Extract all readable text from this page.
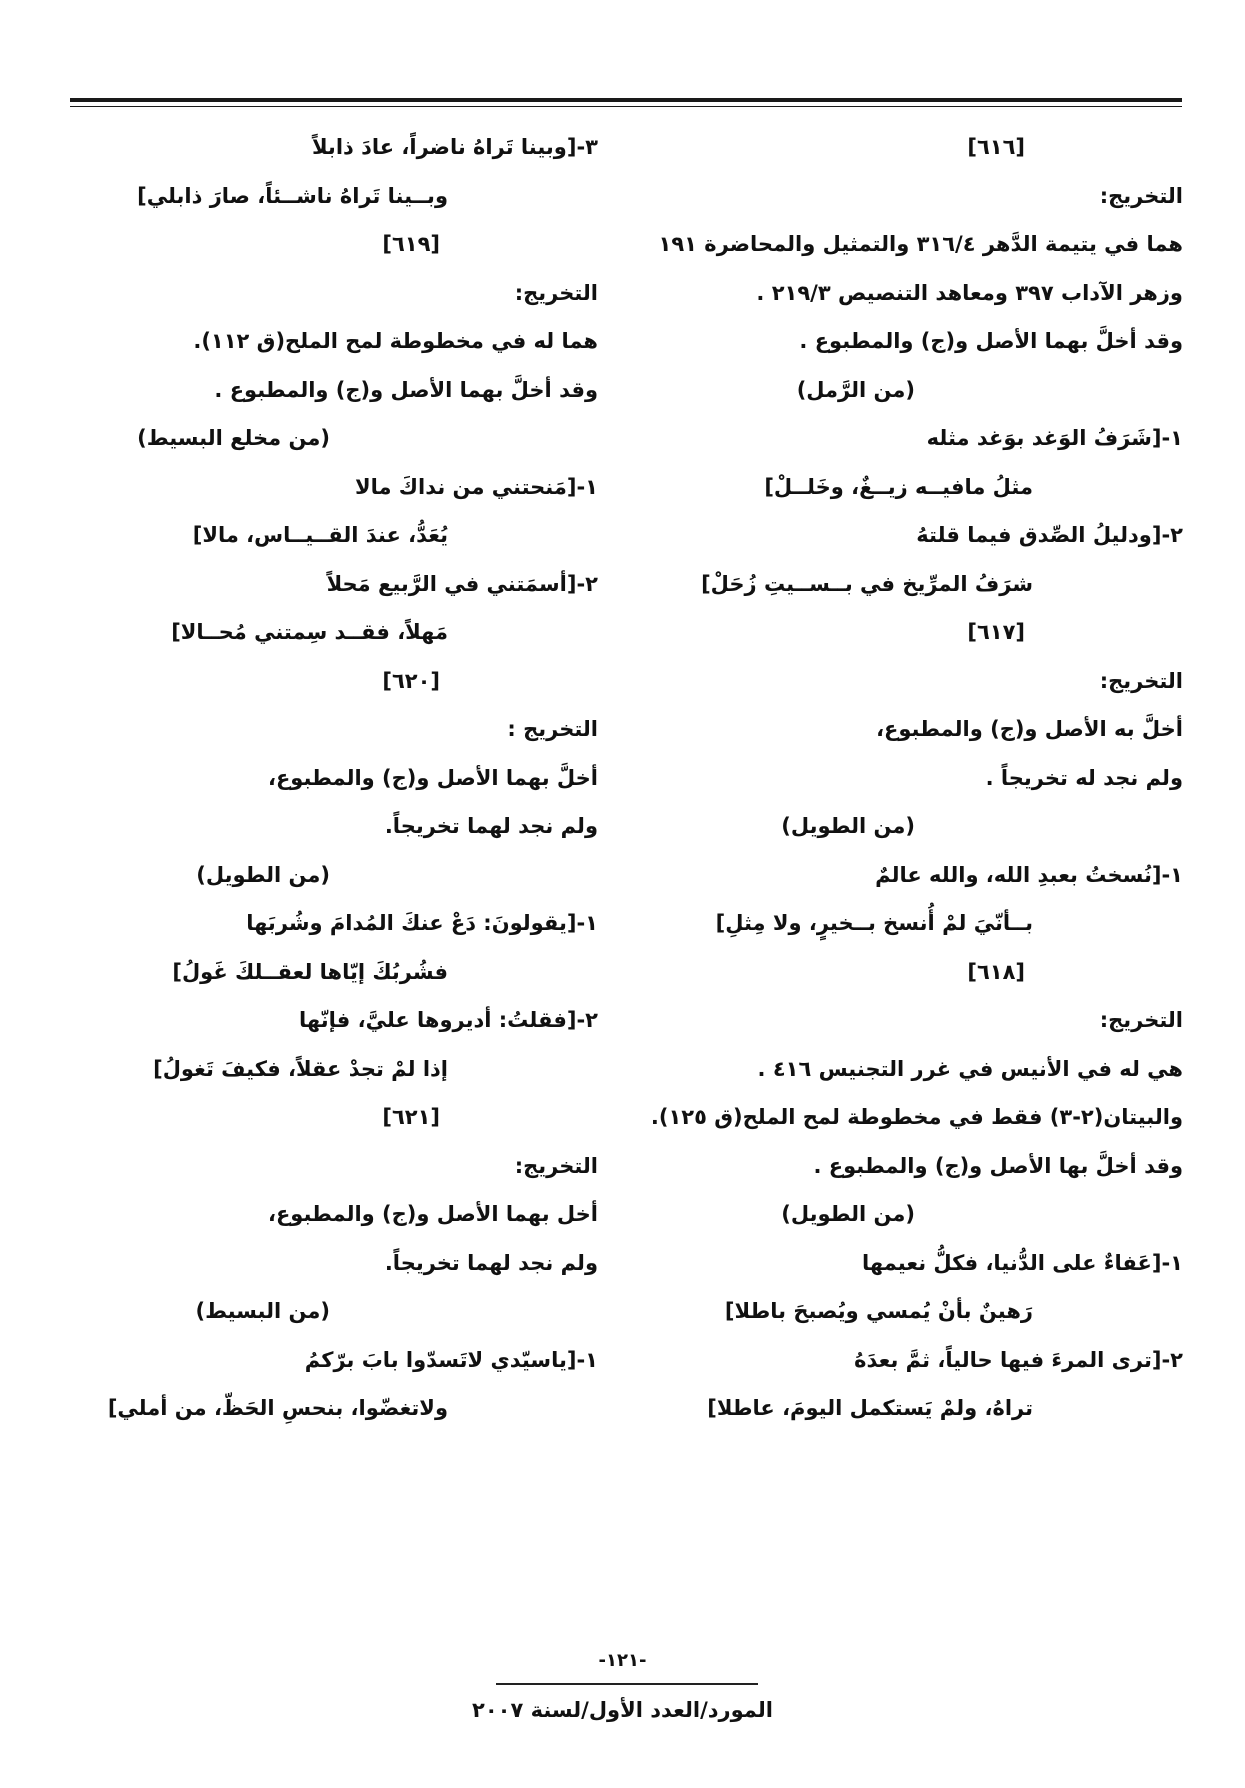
[٦١٦]
التخريج:
هما في يتيمة الدَّهر ٣١٦/٤ والتمثيل والمحاضرة ١٩١
وزهر الآداب ٣٩٧ ومعاهد التنصيص ٢١٩/٣ .
وقد أخلَّ بهما الأصل و(ج) والمطبوع .
(من الرَّمل)
١-[شَرَفُ الوَغد بوَغد مثله
مثلُ مافيــه زيــغٌ، وخَلــلْ]
٢-[ودليلُ الصِّدق فيما قلتهُ
شرَفُ المرِّيخ في بــســيتِ زُحَلْ]
[٦١٧]
التخريج:
أخلَّ به الأصل و(ج) والمطبوع،
ولم نجد له تخريجاً .
(من الطويل)
١-[نُسختُ بعبدِ الله، والله عالمٌ
بــأنّيَ لمْ أُنسخ بــخيرٍ، ولا مِثلِ]
[٦١٨]
التخريج:
هي له في الأنيس في غرر التجنيس ٤١٦ .
والبيتان(٢-٣) فقط في مخطوطة لمح الملح(ق ١٢٥).
وقد أخلَّ بها الأصل و(ج) والمطبوع .
(من الطويل)
١-[عَفاءٌ على الدُّنيا، فكلُّ نعيمها
رَهينٌ بأنْ يُمسي ويُصبحَ باطلا]
٢-[ترى المرءَ فيها حالياً، ثمَّ بعدَهُ
تراهُ، ولمْ يَستكمل اليومَ، عاطلا]
٣-[وبينا تَراهُ ناضراً، عادَ ذابلاً
وبــينا تَراهُ ناشــئاً، صارَ ذابلي]
[٦١٩]
التخريج:
هما له في مخطوطة لمح الملح(ق ١١٢).
وقد أخلَّ بهما الأصل و(ج) والمطبوع .
(من مخلع البسيط)
١-[مَنحتني من نداكَ مالا
يُعَدُّ، عندَ القــيــاس، مالا]
٢-[أسمَتني في الرَّبيع مَحلاً
مَهلاً، فقــد سِمتني مُحــالا]
[٦٢٠]
التخريج :
أخلَّ بهما الأصل و(ج) والمطبوع،
ولم نجد لهما تخريجاً.
(من الطويل)
١-[يقولونَ: دَعْ عنكَ المُدامَ وشُربَها
فشُربُكَ إيّاها لعقــلكَ غَولُ]
٢-[فقلتُ: أديروها عليَّ، فإنّها
إذا لمْ تجدْ عقلاً، فكيفَ تَغولُ]
[٦٢١]
التخريج:
أخل بهما الأصل و(ج) والمطبوع،
ولم نجد لهما تخريجاً.
(من البسيط)
١-[ياسيّدي لاتَسدّوا بابَ برّكمُ
ولاتغضّوا، بنحسِ الحَظّ، من أملي]
-١٢١-
المورد/العدد الأول/لسنة ٢٠٠٧
